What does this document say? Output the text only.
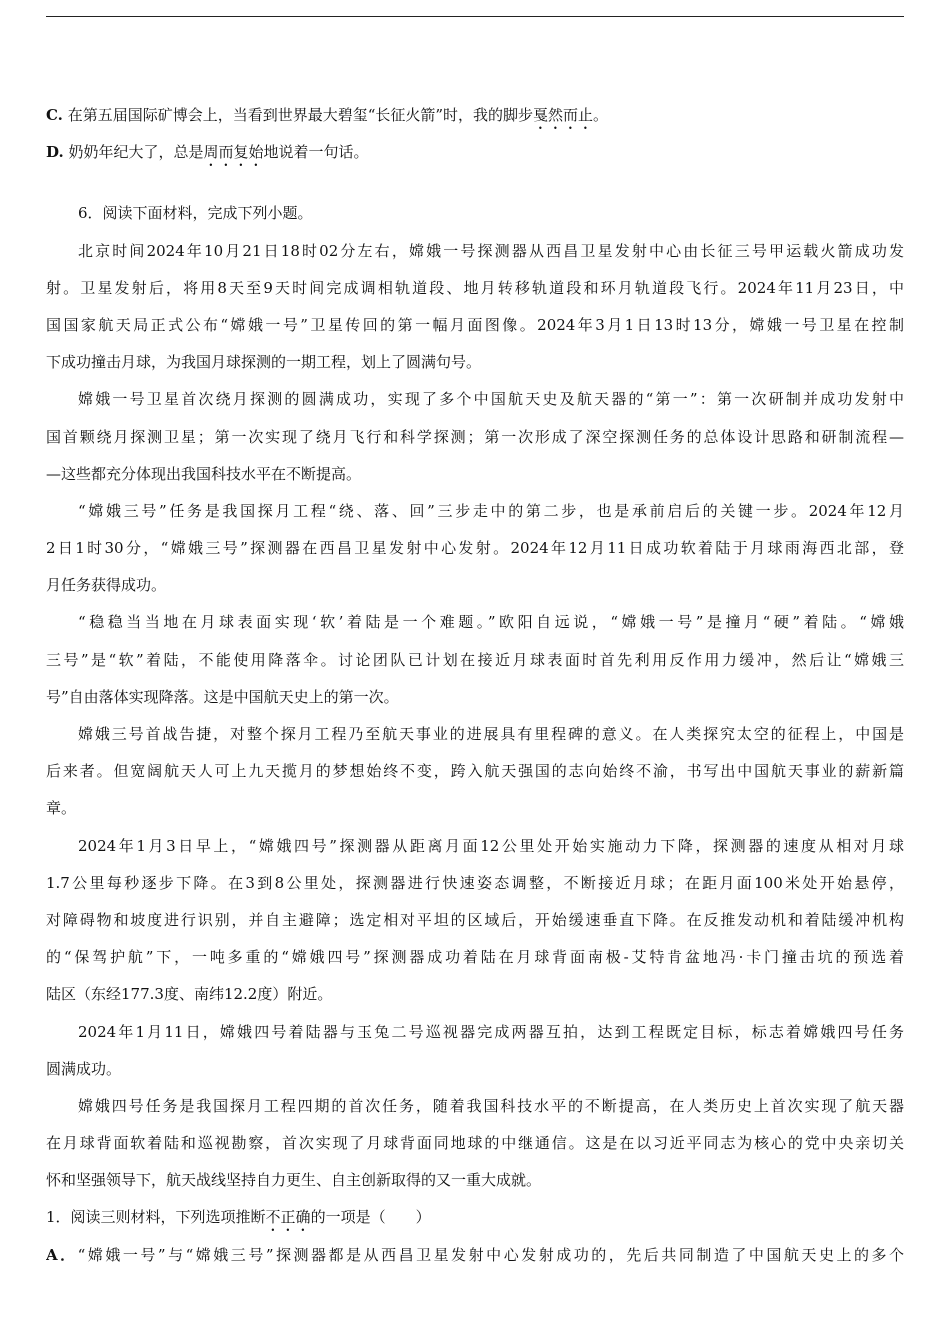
C. 在第五届国际矿博会上，当看到世界最大碧玺“长征火箭”时，我的脚步戛然而止。
D. 奶奶年纪大了，总是周而复始地说着一句话。
6．阅读下面材料，完成下列小题。
北京时间2024年10月21日18时02分左右，嫦娥一号探测器从西昌卫星发射中心由长征三号甲运载火箭成功发
射。卫星发射后，将用8天至9天时间完成调相轨道段、地月转移轨道段和环月轨道段飞行。2024年11月23日，中
国国家航天局正式公布“嫦娥一号”卫星传回的第一幅月面图像。2024年3月1日13时13分，嫦娥一号卫星在控制
下成功撞击月球，为我国月球探测的一期工程，划上了圆满句号。
嫦娥一号卫星首次绕月探测的圆满成功，实现了多个中国航天史及航天器的“第一”：第一次研制并成功发射中
国首颗绕月探测卫星；第一次实现了绕月飞行和科学探测；第一次形成了深空探测任务的总体设计思路和研制流程—
—这些都充分体现出我国科技水平在不断提高。
“嫦娥三号”任务是我国探月工程“绕、落、回”三步走中的第二步，也是承前启后的关键一步。2024年12月
2日1时30分，“嫦娥三号”探测器在西昌卫星发射中心发射。2024年12月11日成功软着陆于月球雨海西北部，登
月任务获得成功。
“稳稳当当地在月球表面实现‘软’着陆是一个难题。”欧阳自远说，“嫦娥一号”是撞月“硬”着陆。“嫦娥
三号”是“软”着陆，不能使用降落伞。讨论团队已计划在接近月球表面时首先利用反作用力缓冲，然后让“嫦娥三
号”自由落体实现降落。这是中国航天史上的第一次。
嫦娥三号首战告捷，对整个探月工程乃至航天事业的进展具有里程碑的意义。在人类探究太空的征程上，中国是
后来者。但宽阔航天人可上九天揽月的梦想始终不变，跨入航天强国的志向始终不渝，书写出中国航天事业的薪新篇
章。
2024年1月3日早上，“嫦娥四号”探测器从距离月面12公里处开始实施动力下降，探测器的速度从相对月球
1.7公里每秒逐步下降。在3到8公里处，探测器进行快速姿态调整，不断接近月球；在距月面100米处开始悬停，
对障碍物和坡度进行识别，并自主避障；选定相对平坦的区域后，开始缓速垂直下降。在反推发动机和着陆缓冲机构
的“保驾护航”下，一吨多重的“嫦娥四号”探测器成功着陆在月球背面南极-艾特肯盆地冯·卡门撞击坑的预选着
陆区（东经177.3度、南纬12.2度）附近。
2024年1月11日，嫦娥四号着陆器与玉兔二号巡视器完成两器互拍，达到工程既定目标，标志着嫦娥四号任务
圆满成功。
嫦娥四号任务是我国探月工程四期的首次任务，随着我国科技水平的不断提高，在人类历史上首次实现了航天器
在月球背面软着陆和巡视勘察，首次实现了月球背面同地球的中继通信。这是在以习近平同志为核心的党中央亲切关
怀和坚强领导下，航天战线坚持自力更生、自主创新取得的又一重大成就。
1．阅读三则材料，下列选项推断不正确的一项是（　　）
A．“嫦娥一号”与“嫦娥三号”探测器都是从西昌卫星发射中心发射成功的，先后共同制造了中国航天史上的多个
